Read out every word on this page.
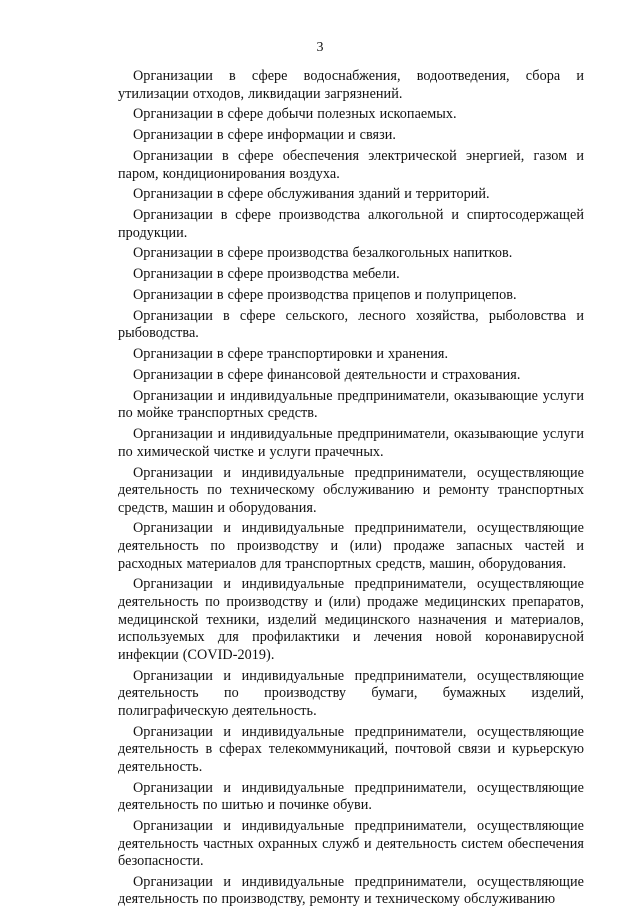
3

Организации в сфере водоснабжения, водоотведения, сбора и утилизации отходов, ликвидации загрязнений.

Организации в сфере добычи полезных ископаемых.

Организации в сфере информации и связи.

Организации в сфере обеспечения электрической энергией, газом и паром, кондиционирования воздуха.

Организации в сфере обслуживания зданий и территорий.

Организации в сфере производства алкогольной и спиртосодержащей продукции.

Организации в сфере производства безалкогольных напитков.

Организации в сфере производства мебели.

Организации в сфере производства прицепов и полуприцепов.

Организации в сфере сельского, лесного хозяйства, рыболовства и рыбоводства.

Организации в сфере транспортировки и хранения.

Организации в сфере финансовой деятельности и страхования.

Организации и индивидуальные предприниматели, оказывающие услуги по мойке транспортных средств.

Организации и индивидуальные предприниматели, оказывающие услуги по химической чистке и услуги прачечных.

Организации и индивидуальные предприниматели, осуществляющие деятельность по техническому обслуживанию и ремонту транспортных средств, машин и оборудования.

Организации и индивидуальные предприниматели, осуществляющие деятельность по производству и (или) продаже запасных частей и расходных материалов для транспортных средств, машин, оборудования.

Организации и индивидуальные предприниматели, осуществляющие деятельность по производству и (или) продаже медицинских препаратов, медицинской техники, изделий медицинского назначения и материалов, используемых для профилактики и лечения новой коронавирусной инфекции (COVID-2019).

Организации и индивидуальные предприниматели, осуществляющие деятельность по производству бумаги, бумажных изделий, полиграфическую деятельность.

Организации и индивидуальные предприниматели, осуществляющие деятельность в сферах телекоммуникаций, почтовой связи и курьерскую деятельность.

Организации и индивидуальные предприниматели, осуществляющие деятельность по шитью и починке обуви.

Организации и индивидуальные предприниматели, осуществляющие деятельность частных охранных служб и деятельность систем обеспечения безопасности.

Организации и индивидуальные предприниматели, осуществляющие деятельность по производству, ремонту и техническому обслуживанию
